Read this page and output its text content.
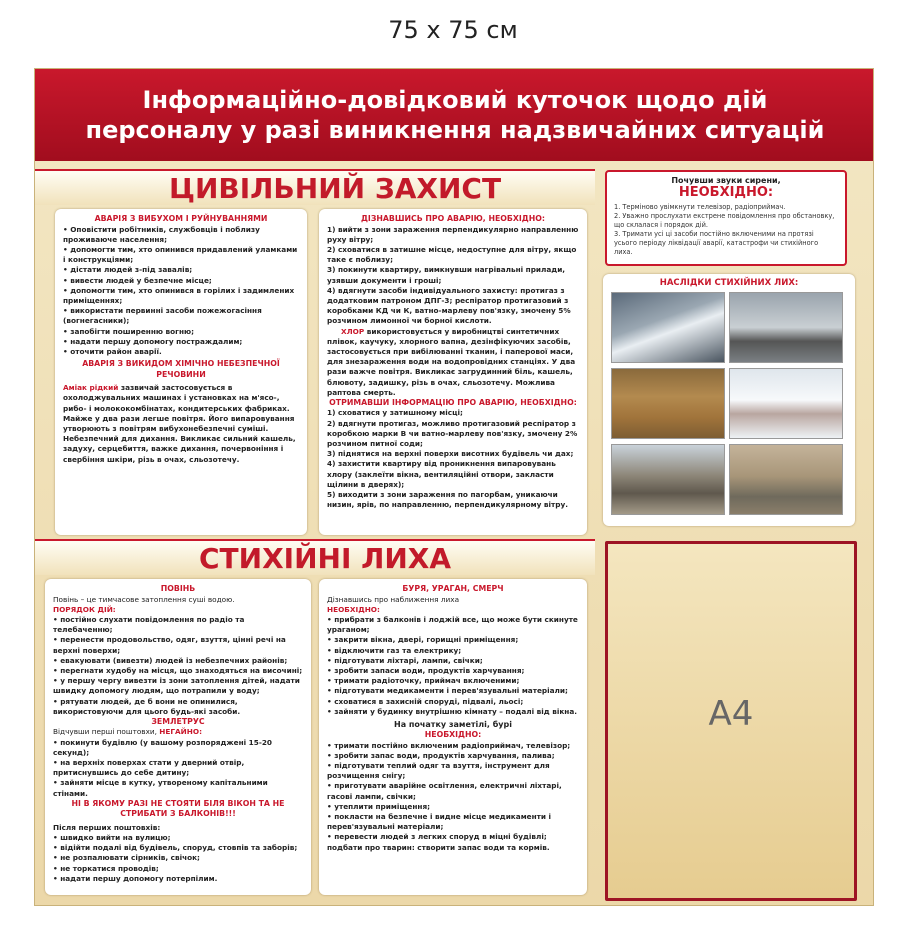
75 x 75 см
Інформаційно-довідковий куточок щодо дій
персоналу у разі виникнення надзвичайних ситуацій
ЦИВІЛЬНИЙ ЗАХИСТ
АВАРІЯ З ВИБУХОМ І РУЙНУВАННЯМИ

• Оповістити робітників, службовців і поблизу проживаюче населення;

• допомогти тим, хто опинився придавлений уламками і конструкціями;

• дістати людей з-під завалів;

• вивести людей у безпечне місце;

• допомогти тим, хто опинився в горілих і задимлених приміщеннях;

• використати первинні засоби пожежогасіння (вогнегасники);

• запобігти поширенню вогню;

• надати першу допомогу постраждалим;

• оточити район аварії.

АВАРІЯ З ВИКИДОМ ХІМІЧНО НЕБЕЗПЕЧНОЇ РЕЧОВИНИ

Аміак рідкий зазвичай застосовується в охолоджувальних машинах і установках на м'ясо-, рибо- і молококомбінатах, кондитерських фабриках. Майже у два рази легше повітря. Його випаровування утворюють з повітрям вибухонебезпечні суміші. Небезпечний для дихання. Викликає сильний кашель, задуху, серцебиття, важке дихання, почервоніння і свербіння шкіри, різь в очах, сльозотечу.

ДІЗНАВШИСЬ ПРО АВАРІЮ, НЕОБХІДНО:

1) вийти з зони зараження перпендикулярно направленню руху вітру;

2) сховатися в затишне місце, недоступне для вітру, якщо таке є поблизу;

3) покинути квартиру, вимкнувши нагрівальні прилади, узявши документи і гроші;

4) вдягнути засоби індивідуального захисту: протигаз з додатковим патроном ДПГ-3; респіратор протигазовий з коробками КД чи К, ватно-марлеву пов'язку, змочену 5% розчином лимонної чи борної кислоти.

ХЛОР використовується у виробництві синтетичних плівок, каучуку, хлорного вапна, дезінфікуючих засобів, застосовується при вибілюванні тканин, і паперової маси, для знезараження води на водопровідних станціях. У два рази важче повітря. Викликає загрудинний біль, кашель, блювоту, задишку, різь в очах, сльозотечу. Можлива раптова смерть.

ОТРИМАВШИ ІНФОРМАЦІЮ ПРО АВАРІЮ, НЕОБХІДНО:

1) сховатися у затишному місці;

2) вдягнути протигаз, можливо протигазовий респіратор з коробкою марки В чи ватно-марлеву пов'язку, змочену 2% розчином питної соди;

3) піднятися на верхні поверхи висотних будівель чи дах;

4) захистити квартиру від проникнення випаровувань хлору (заклеїти вікна, вентиляційні отвори, закласти щілини в дверях);

5) виходити з зони зараження по пагорбам, уникаючи низин, ярів, по направленню, перпендикулярному вітру.

Почувши звуки сирени,
НЕОБХІДНО:

1. Терміново увімкнути телевізор, радіоприймач.

2. Уважно прослухати екстрене повідомлення про обстановку, що склалася і порядок дій.

3. Тримати усі ці засоби постійно включеними на протязі усього періоду ліквідації аварії, катастрофи чи стихійного лиха.

НАСЛІДКИ СТИХІЙНИХ ЛИХ:
СТИХІЙНІ ЛИХА
ПОВІНЬ

Повінь – це тимчасове затоплення суші водою.

ПОРЯДОК ДІЙ:

• постійно слухати повідомлення по радіо та телебаченню;

• перенести продовольство, одяг, взуття, цінні речі на верхні поверхи;

• евакуювати (вивезти) людей із небезпечних районів;

• перегнати худобу на місця, що знаходяться на височині;

• у першу чергу вивезти із зони затоплення дітей, надати швидку допомогу людям, що потрапили у воду;

• рятувати людей, де б вони не опинилися, використовуючи для цього будь-які засоби.

ЗЕМЛЕТРУС

Відчувши перші поштовхи, НЕГАЙНО:

• покинути будівлю (у вашому розпоряджені 15-20 секунд);

• на верхніх поверхах стати у дверний отвір, притиснувшись до себе дитину;

• зайняти місце в кутку, утвореному капітальними стінами.

НІ В ЯКОМУ РАЗІ НЕ СТОЯТИ БІЛЯ ВІКОН ТА НЕ СТРИБАТИ З БАЛКОНІВ!!!

Після перших поштовхів:

• швидко вийти на вулицю;

• відійти подалі від будівель, споруд, стовпів та заборів;

• не розпалювати сірників, свічок;

• не торкатися проводів;

• надати першу допомогу потерпілим.

БУРЯ, УРАГАН, СМЕРЧ

Дізнавшись про наближення лиха

НЕОБХІДНО:

• прибрати з балконів і лоджій все, що може бути скинуте ураганом;

• закрити вікна, двері, горищні приміщення;

• відключити газ та електрику;

• підготувати ліхтарі, лампи, свічки;

• зробити запаси води, продуктів харчування;

• тримати радіоточку, приймач включеними;

• підготувати медикаменти і перев'язувальні матеріали;

• сховатися в захисній споруді, підвалі, льосі;

• зайняти у будинку внутрішню кімнату – подалі від вікна.

На початку заметілі, бурі

НЕОБХІДНО:

• тримати постійно включеним радіоприймач, телевізор;

• зробити запас води, продуктів харчування, палива;

• підготувати теплий одяг та взуття, інструмент для розчищення снігу;

• приготувати аварійне освітлення, електричні ліхтарі, гасові лампи, свічки;

• утеплити приміщення;

• покласти на безпечне і видне місце медикаменти і перев'язувальні матеріали;

• перевести людей з легких споруд в міцні будівлі; подбати про тварин: створити запас води та кормів.

A4
